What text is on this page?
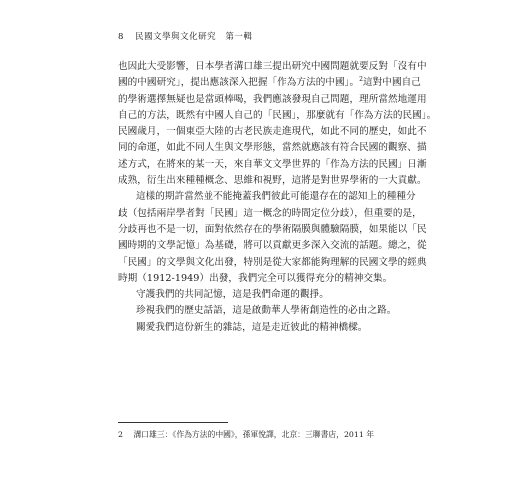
8 民國文學與文化研究 第一輯
也因此大受影響，日本學者溝口雄三提出研究中國問題就要反對「沒有中
國的中國研究」，提出應該深入把握「作為方法的中國」。$^2$這對中國自己
的學術選擇無疑也是當頭棒喝，我們應該發現自己問題，理所當然地運用
自己的方法，既然有中國人自己的「民國」，那麼就有「作為方法的民國」。
民國歲月，一個東亞大陸的古老民族走進現代，如此不同的歷史，如此不
同的命運，如此不同人生與文學形態，當然就應該有符合民國的觀察、描
述方式，在將來的某一天，來自華文文學世界的「作為方法的民國」日漸
成熟，衍生出來種種概念、思維和視野，這將是對世界學術的一大貢獻。
這樣的期許當然並不能掩蓋我們彼此可能還存在的認知上的種種分
歧（包括兩岸學者對「民國」這一概念的時間定位分歧），但重要的是，
分歧再也不是一切，面對依然存在的學術隔膜與體驗隔膜，如果能以「民
國時期的文學記憶」為基礎，將可以貢獻更多深入交流的話題。總之，從
「民國」的文學與文化出發，特別是從大家都能夠理解的民國文學的經典
時期（1912-1949）出發，我們完全可以獲得充分的精神交集。
守護我們的共同記憶，這是我們命運的觀掙。
珍視我們的歷史話語，這是啟動華人學術創造性的必由之路。
關愛我們這份新生的雜誌，這是走近彼此的精神橋樑。
2 溝口雄三：《作為方法的中國》，孫軍悅譯，北京：三聯書店，2011 年
